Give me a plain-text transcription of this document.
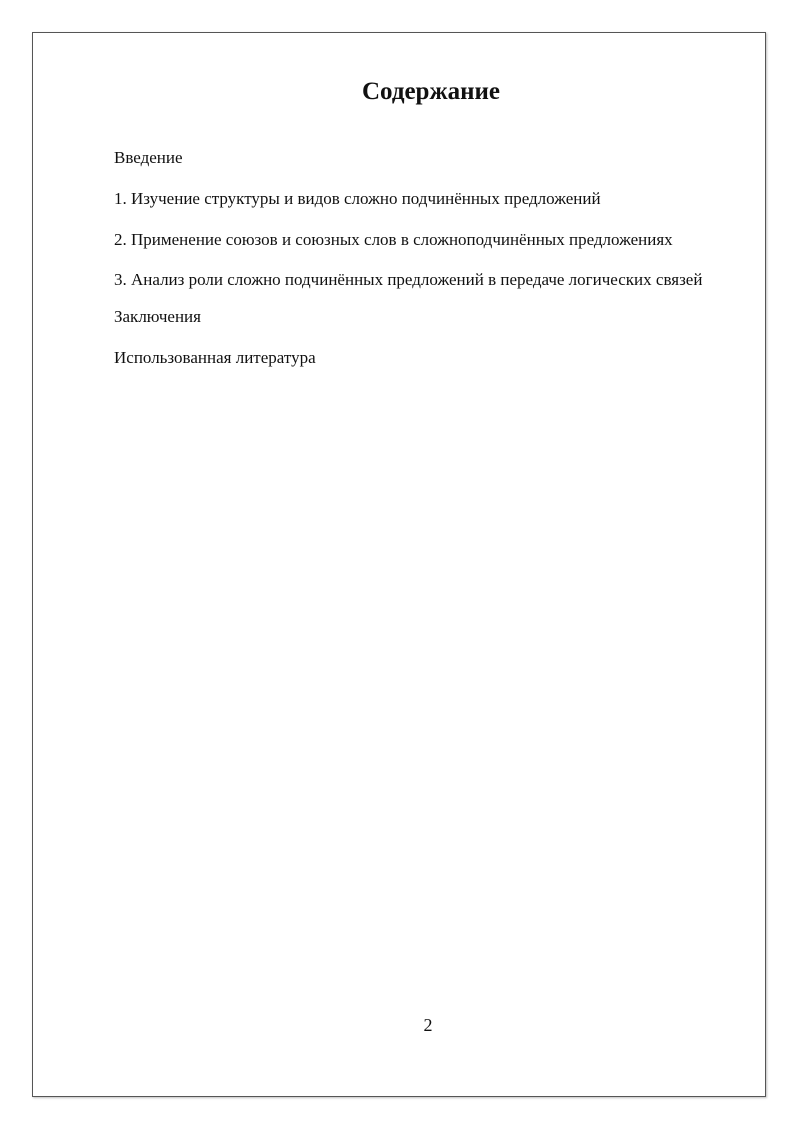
Содержание
Введение
1. Изучение структуры и видов сложно подчинённых предложений
2. Применение союзов и союзных слов в сложноподчинённых предложениях
3. Анализ роли сложно подчинённых предложений в передаче логических связей
Заключения
Использованная литература
2
